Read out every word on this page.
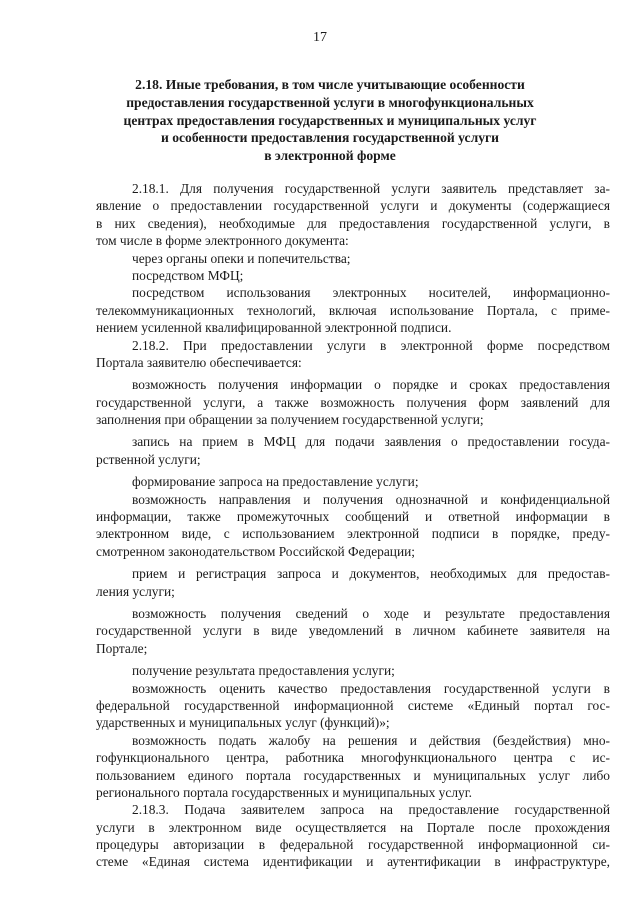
17
2.18. Иные требования, в том числе учитывающие особенности
предоставления государственной услуги в многофункциональных
центрах предоставления государственных и муниципальных услуг
и особенности предоставления государственной услуги
в электронной форме
2.18.1. Для получения государственной услуги заявитель представляет за-
явление о предоставлении государственной услуги и документы (содержащиеся
в них сведения), необходимые для предоставления государственной услуги, в
том числе в форме электронного документа:
через органы опеки и попечительства;
посредством МФЦ;
посредством использования электронных носителей, информационно-
телекоммуникационных технологий, включая использование Портала, с приме-
нением усиленной квалифицированной электронной подписи.
2.18.2. При предоставлении услуги в электронной форме посредством
Портала заявителю обеспечивается:
возможность получения информации о порядке и сроках предоставления
государственной услуги, а также возможность получения форм заявлений для
заполнения при обращении за получением государственной услуги;
запись на прием в МФЦ для подачи заявления о предоставлении госуда-
рственной услуги;
формирование запроса на предоставление услуги;
возможность направления и получения однозначной и конфиденциальной
информации, также промежуточных сообщений и ответной информации в
электронном виде, с использованием электронной подписи в порядке, преду-
смотренном законодательством Российской Федерации;
прием и регистрация запроса и документов, необходимых для предостав-
ления услуги;
возможность получения сведений о ходе и результате предоставления
государственной услуги в виде уведомлений в личном кабинете заявителя на
Портале;
получение результата предоставления услуги;
возможность оценить качество предоставления государственной услуги в
федеральной государственной информационной системе «Единый портал гос-
ударственных и муниципальных услуг (функций)»;
возможность подать жалобу на решения и действия (бездействия) мно-
гофункционального центра, работника многофункционального центра с ис-
пользованием единого портала государственных и муниципальных услуг либо
регионального портала государственных и муниципальных услуг.
2.18.3. Подача заявителем запроса на предоставление государственной
услуги в электронном виде осуществляется на Портале после прохождения
процедуры авторизации в федеральной государственной информационной си-
стеме «Единая система идентификации и аутентификации в инфраструктуре,
